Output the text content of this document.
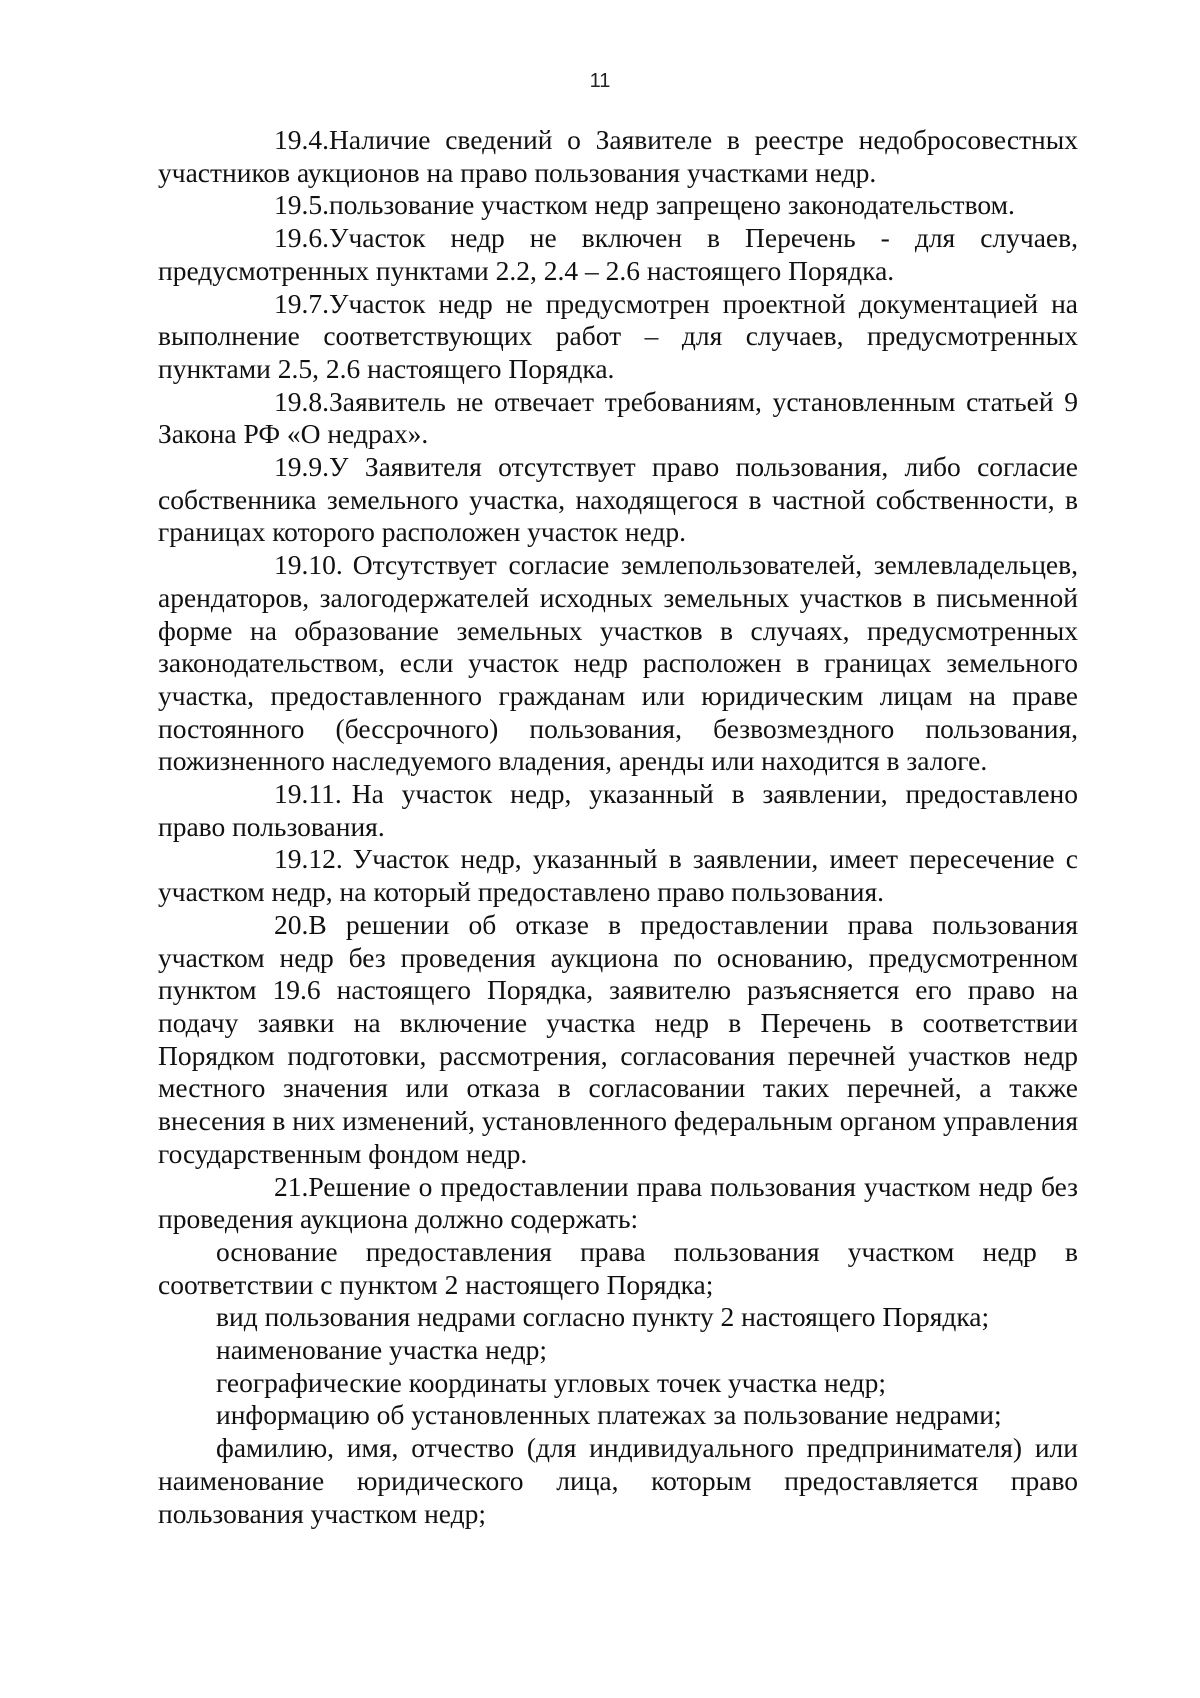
11

19.4.Наличие сведений о Заявителе в реестре недобросовестных участников аукционов на право пользования участками недр.

19.5.пользование участком недр запрещено законодательством.

19.6.Участок недр не включен в Перечень - для случаев, предусмотренных пунктами 2.2, 2.4 – 2.6 настоящего Порядка.

19.7.Участок недр не предусмотрен проектной документацией на выполнение соответствующих работ – для случаев, предусмотренных пунктами 2.5, 2.6 настоящего Порядка.

19.8.Заявитель не отвечает требованиям, установленным статьей 9 Закона РФ «О недрах».

19.9.У Заявителя отсутствует право пользования, либо согласие собственника земельного участка, находящегося в частной собственности, в границах которого расположен участок недр.

19.10. Отсутствует согласие землепользователей, землевладельцев, арендаторов, залогодержателей исходных земельных участков в письменной форме на образование земельных участков в случаях, предусмотренных законодательством, если участок недр расположен в границах земельного участка, предоставленного гражданам или юридическим лицам на праве постоянного (бессрочного) пользования, безвозмездного пользования, пожизненного наследуемого владения, аренды или находится в залоге.

19.11. На участок недр, указанный в заявлении, предоставлено право пользования.

19.12. Участок недр, указанный в заявлении, имеет пересечение с участком недр, на который предоставлено право пользования.

20.В решении об отказе в предоставлении права пользования участком недр без проведения аукциона по основанию, предусмотренном пунктом 19.6 настоящего Порядка, заявителю разъясняется его право на подачу заявки на включение участка недр в Перечень в соответствии Порядком подготовки, рассмотрения, согласования перечней участков недр местного значения или отказа в согласовании таких перечней, а также внесения в них изменений, установленного федеральным органом управления государственным фондом недр.

21.Решение о предоставлении права пользования участком недр без проведения аукциона должно содержать:

основание предоставления права пользования участком недр в соответствии с пунктом 2 настоящего Порядка;

вид пользования недрами согласно пункту 2 настоящего Порядка;

наименование участка недр;

географические координаты угловых точек участка недр;

информацию об установленных платежах за пользование недрами;

фамилию, имя, отчество (для индивидуального предпринимателя) или наименование юридического лица, которым предоставляется право пользования участком недр;
